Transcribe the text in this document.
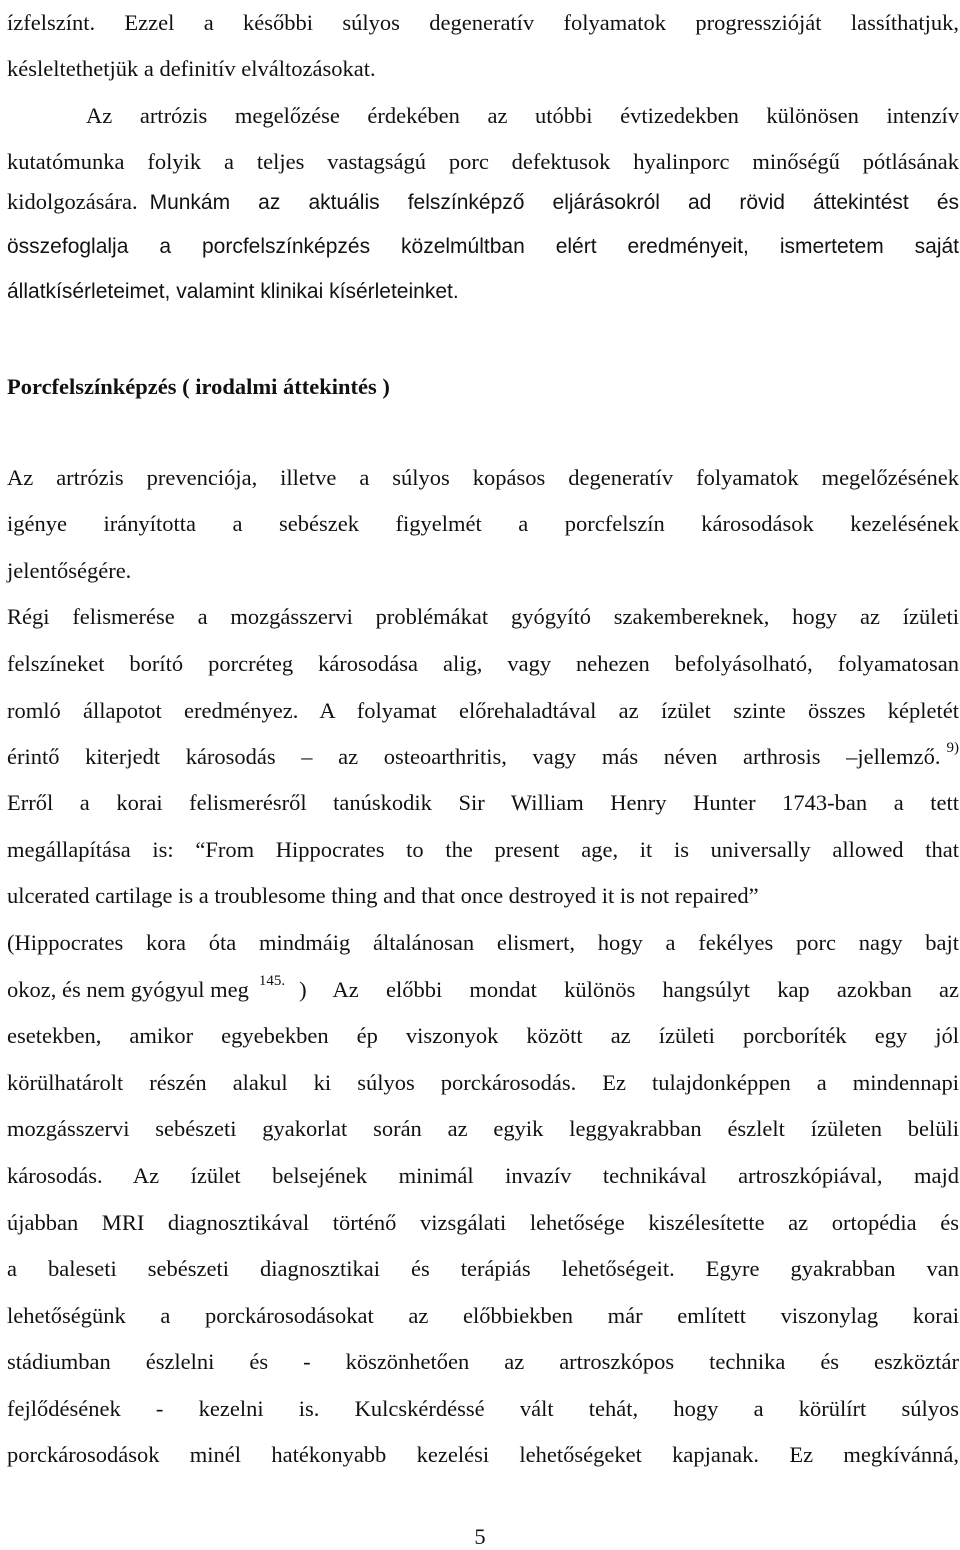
ízfelszínt. Ezzel a későbbi súlyos degeneratív folyamatok progresszióját lassíthatjuk,
késleltethetjük a definitív elváltozásokat.
Az artrózis megelőzése érdekében az utóbbi évtizedekben különösen intenzív
kutatómunka folyik a teljes vastagságú porc defektusok hyalinporc minőségű pótlásának
kidolgozására. Munkám az aktuális felszínképző eljárásokról ad rövid áttekintést és
összefoglalja a porcfelszínképzés közelmúltban elért eredményeit, ismertetem saját
állatkísérleteimet, valamint klinikai kísérleteinket.
Porcfelszínképzés ( irodalmi áttekintés )
Az artrózis prevenciója, illetve a súlyos kopásos degeneratív folyamatok megelőzésének
igénye irányította a sebészek figyelmét a porcfelszín károsodások kezelésének
jelentőségére.
Régi felismerése a mozgásszervi problémákat gyógyító szakembereknek, hogy az ízületi
felszíneket borító porcréteg károsodása alig, vagy nehezen befolyásolható, folyamatosan
romló állapotot eredményez. A folyamat előrehaladtával az ízület szinte összes képletét
érintő kiterjedt károsodás – az osteoarthritis, vagy más néven arthrosis –jellemző. $^{9)}$
Erről a korai felismerésről tanúskodik Sir William Henry Hunter 1743-ban a tett
megállapítása is: “From Hippocrates to the present age, it is universally allowed that
ulcerated cartilage is a troublesome thing and that once destroyed it is not repaired”
(Hippocrates kora óta mindmáig általánosan elismert, hogy a fekélyes porc nagy bajt
okoz, és nem gyógyul meg $^{145.}$ ) Az előbbi mondat különös hangsúlyt kap azokban az
esetekben, amikor egyebekben ép viszonyok között az ízületi porcboríték egy jól
körülhatárolt részén alakul ki súlyos porckárosodás. Ez tulajdonképpen a mindennapi
mozgásszervi sebészeti gyakorlat során az egyik leggyakrabban észlelt ízületen belüli
károsodás. Az ízület belsejének minimál invazív technikával artroszkópiával, majd
újabban MRI diagnosztikával történő vizsgálati lehetősége kiszélesítette az ortopédia és
a baleseti sebészeti diagnosztikai és terápiás lehetőségeit. Egyre gyakrabban van
lehetőségünk a porckárosodásokat az előbbiekben már említett viszonylag korai
stádiumban észlelni és - köszönhetően az artroszkópos technika és eszköztár
fejlődésének - kezelni is. Kulcskérdéssé vált tehát, hogy a körülírt súlyos
porckárosodások minél hatékonyabb kezelési lehetőségeket kapjanak. Ez megkívánná,
5
